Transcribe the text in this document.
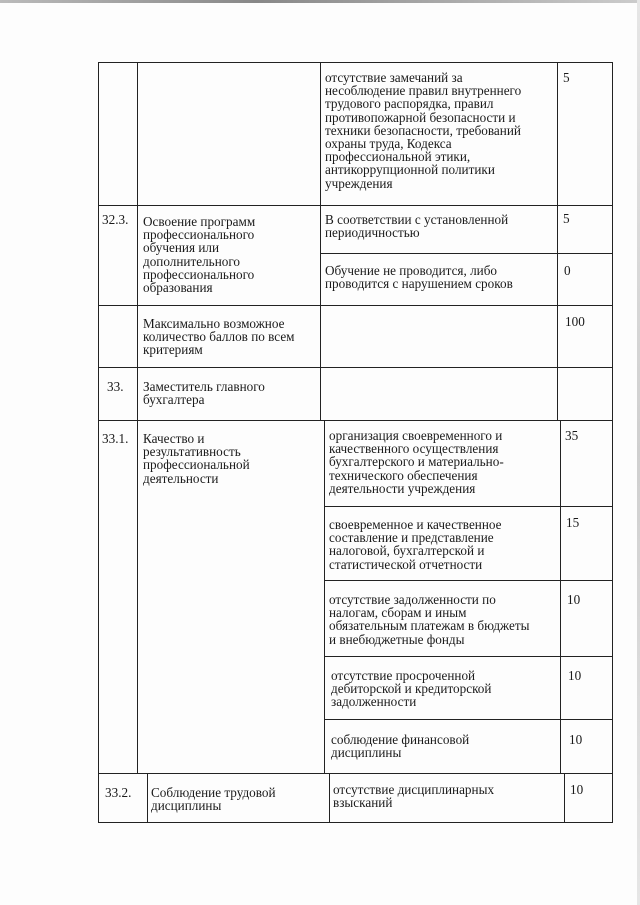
отсутствие замечаний за
несоблюдение правил внутреннего
трудового распорядка, правил
противопожарной безопасности и
техники безопасности, требований
охраны труда, Кодекса
профессиональной этики,
антикоррупционной политики
учреждения
5
32.3. Освоение программ
профессионального
обучения или
дополнительного
профессионального
образования
В соответствии с установленной
периодичностью
5
Обучение не проводится, либо
проводится с нарушением сроков
0
Максимально возможное
количество баллов по всем
критериям
100
33. Заместитель главного
бухгалтера
33.1. Качество и
результативность
профессиональной
деятельности
организация своевременного и
качественного осуществления
бухгалтерского и материально-
технического обеспечения
деятельности учреждения
35
своевременное и качественное
составление и представление
налоговой, бухгалтерской и
статистической отчетности
15
отсутствие задолженности по
налогам, сборам и иным
обязательным платежам в бюджеты
и внебюджетные фонды
10
отсутствие просроченной
дебиторской и кредиторской
задолженности
10
соблюдение финансовой
дисциплины
10
33.2. Соблюдение трудовой
дисциплины
отсутствие дисциплинарных
взысканий
10
